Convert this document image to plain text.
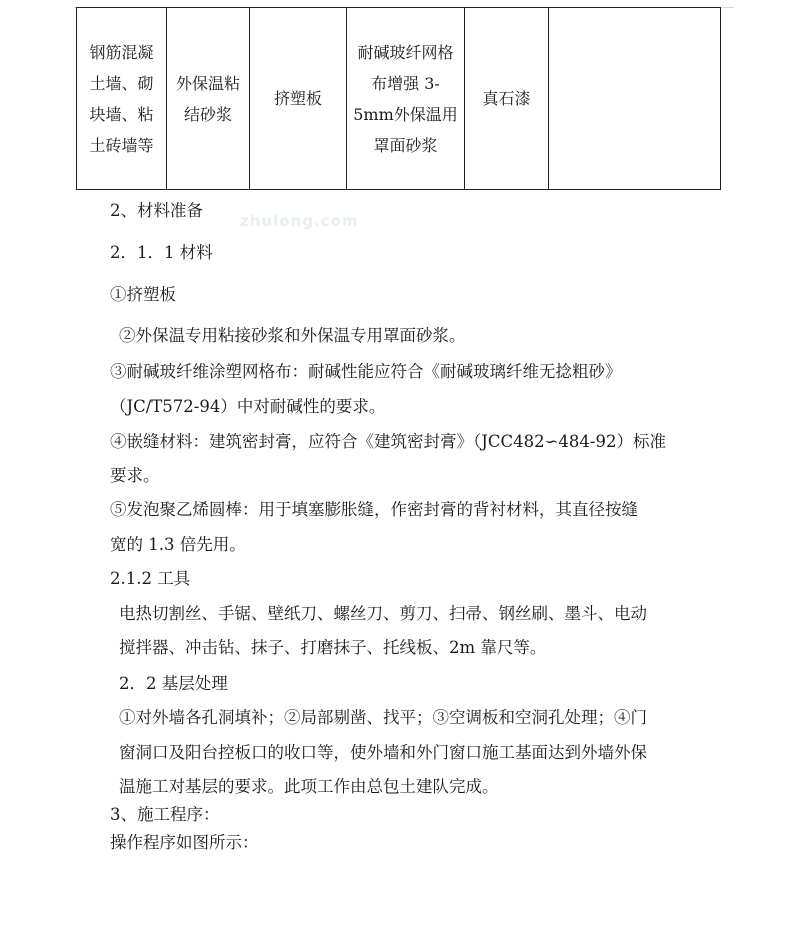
钢筋混凝土墙、砌块墙、粘土砖墙等	外保温粘结砂浆	挤塑板	耐碱玻纤网格布增强 3-5mm外保温用罩面砂浆	真石漆	
zhulong.com
2、材料准备
2．1．1 材料
①挤塑板
②外保温专用粘接砂浆和外保温专用罩面砂浆。
③耐碱玻纤维涂塑网格布：耐碱性能应符合《耐碱玻璃纤维无捻粗砂》
（JC/T572-94）中对耐碱性的要求。
④嵌缝材料：建筑密封膏，应符合《建筑密封膏》（JCC482∽484-92）标准
要求。
⑤发泡聚乙烯圆棒：用于填塞膨胀缝，作密封膏的背衬材料，其直径按缝
宽的 1.3 倍先用。
2.1.2 工具
电热切割丝、手锯、壁纸刀、螺丝刀、剪刀、扫帚、钢丝刷、墨斗、电动
搅拌器、冲击钻、抹子、打磨抹子、托线板、2m 靠尺等。
2．2 基层处理
①对外墙各孔洞填补；②局部剔凿、找平；③空调板和空洞孔处理；④门
窗洞口及阳台控板口的收口等，使外墙和外门窗口施工基面达到外墙外保
温施工对基层的要求。此项工作由总包土建队完成。
3、施工程序：
操作程序如图所示：
